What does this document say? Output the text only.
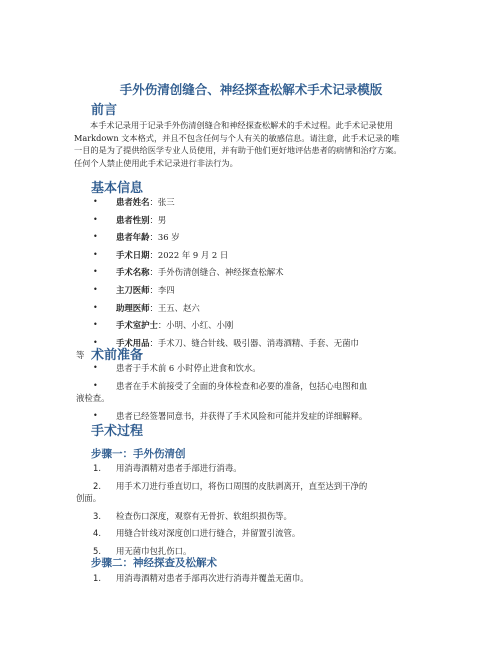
手外伤清创缝合、神经探查松解术手术记录模版
前言
本手术记录用于记录手外伤清创缝合和神经探查松解术的手术过程。此手术记录使用
Markdown 文本格式，并且不包含任何与个人有关的敏感信息。请注意，此手术记录的唯
一目的是为了提供给医学专业人员使用，并有助于他们更好地评估患者的病情和治疗方案。
任何个人禁止使用此手术记录进行非法行为。
基本信息
• 患者姓名：张三
• 患者性别：男
• 患者年龄：36 岁
• 手术日期：2022 年 9 月 2 日
• 手术名称：手外伤清创缝合、神经探查松解术
• 主刀医师：李四
• 助理医师：王五、赵六
• 手术室护士：小明、小红、小刚
• 手术用品：手术刀、缝合针线、吸引器、消毒酒精、手套、无菌巾
等 术前准备
• 患者于手术前 6 小时停止进食和饮水。
• 患者在手术前接受了全面的身体检查和必要的准备，包括心电图和血
液检查。
• 患者已经签署同意书，并获得了手术风险和可能并发症的详细解释。
手术过程
步骤一：手外伤清创
1. 用消毒酒精对患者手部进行消毒。
2. 用手术刀进行垂直切口，将伤口周围的皮肤剥离开，直至达到干净的
创面。
3. 检查伤口深度，观察有无骨折、软组织损伤等。
4. 用缝合针线对深度创口进行缝合，并留置引流管。
5. 用无菌巾包扎伤口。
步骤二：神经探查及松解术
1. 用消毒酒精对患者手部再次进行消毒并覆盖无菌巾。
